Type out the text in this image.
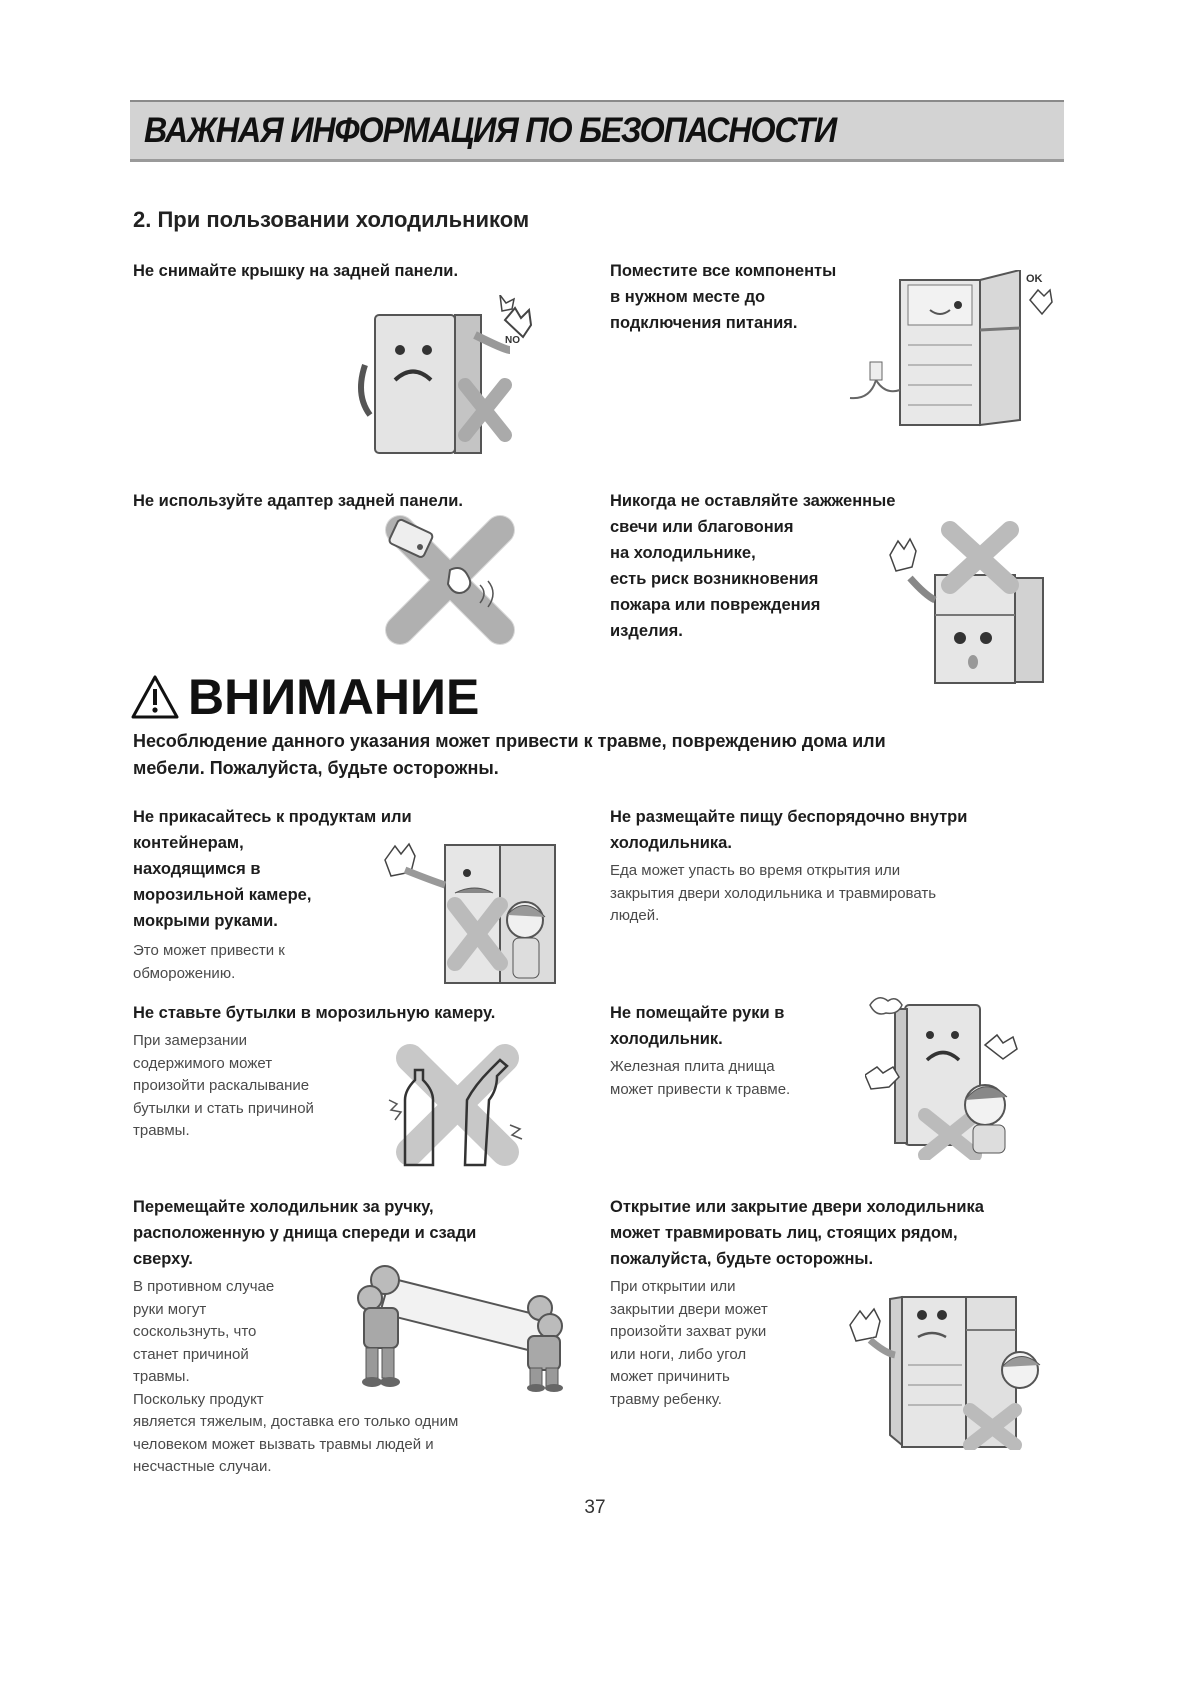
ВАЖНАЯ ИНФОРМАЦИЯ ПО БЕЗОПАСНОСТИ
2. При пользовании холодильником
Не снимайте крышку на задней панели.
NO
Поместите все компоненты
в нужном месте до
подключения питания.
OK
Не используйте адаптер задней панели.	Никогда не оставляйте зажженные
свечи или благовония
на холодильнике,
есть риск возникновения
пожара или повреждения
изделия.
ВНИМАНИЕ
Несоблюдение данного указания может привести к травме, повреждению дома или
мебели. Пожалуйста, будьте осторожны.
Не прикасайтесь к продуктам или
контейнерам,
находящимся в
морозильной камере,
мокрыми руками.
Это может привести к
обморожению.
Не размещайте пищу беспорядочно внутри
холодильника.
Еда может упасть во время открытия или
закрытия двери холодильника и травмировать
людей.
Не ставьте бутылки в морозильную камеру.
При замерзании
содержимого может
произойти раскалывание
бутылки и стать причиной
травмы.
Не помещайте руки в
холодильник.
Железная плита днища
может привести к травме.
Перемещайте холодильник за ручку,
расположенную у днища спереди и сзади
сверху.
В противном случае
руки могут
соскользнуть, что
станет причиной
травмы.
Поскольку продукт
является тяжелым, доставка его только одним
человеком может вызвать травмы людей и
несчастные случаи.
Открытие или закрытие двери холодильника
может травмировать лиц, стоящих рядом,
пожалуйста, будьте осторожны.
При открытии или
закрытии двери может
произойти захват руки
или ноги, либо угол
может причинить
травму ребенку.
37
